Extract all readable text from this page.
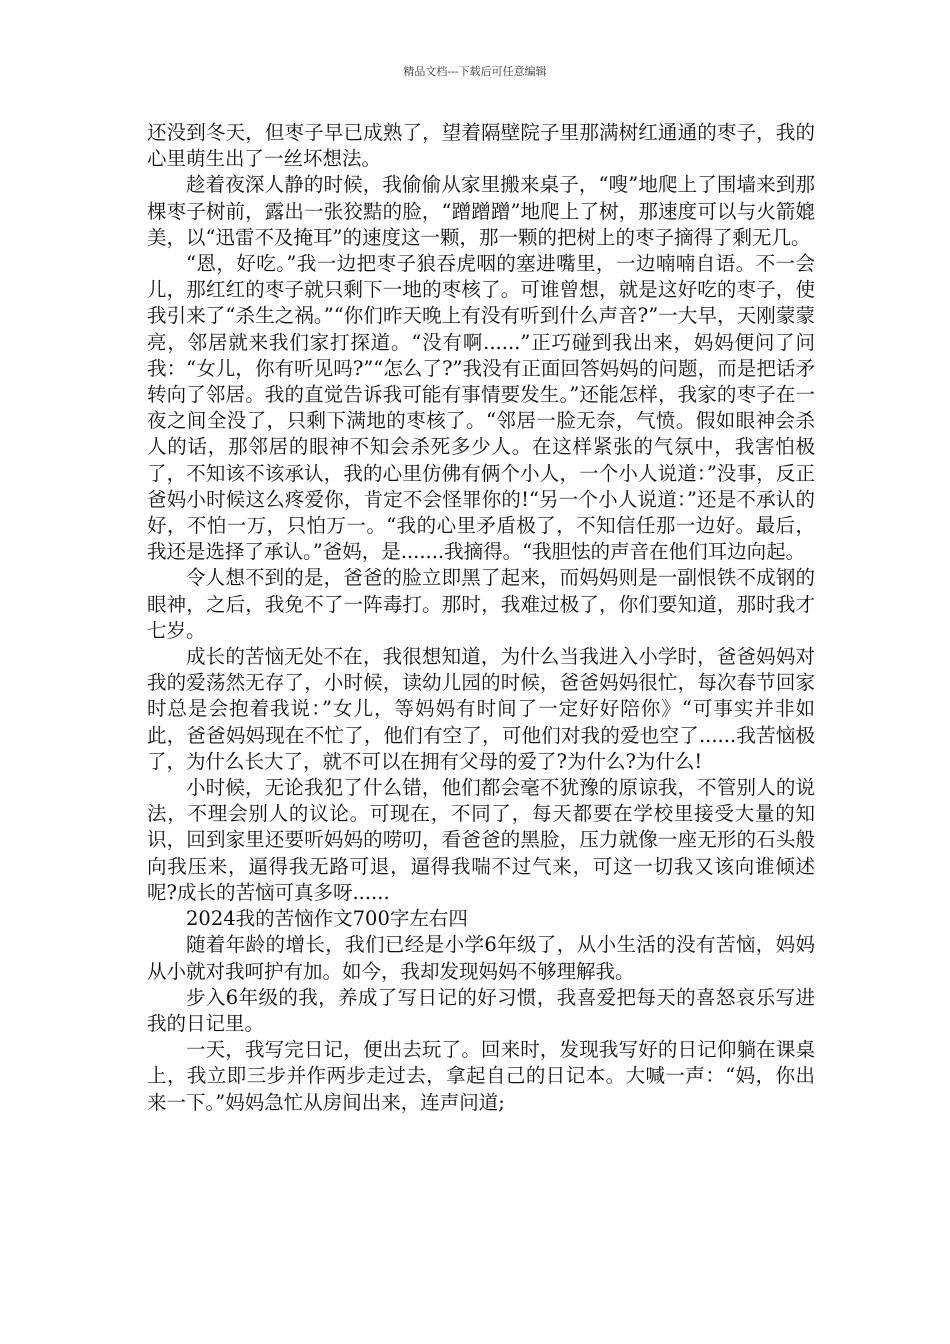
精品文档---下载后可任意编辑

还没到冬天，但枣子早已成熟了，望着隔壁院子里那满树红通通的枣子，我的心里萌生出了一丝坏想法。

趁着夜深人静的时候，我偷偷从家里搬来桌子，“嗖”地爬上了围墙来到那棵枣子树前，露出一张狡黠的脸，“蹭蹭蹭”地爬上了树，那速度可以与火箭媲美，以“迅雷不及掩耳”的速度这一颗，那一颗的把树上的枣子摘得了剩无几。

“恩，好吃。”我一边把枣子狼吞虎咽的塞进嘴里，一边喃喃自语。不一会儿，那红红的枣子就只剩下一地的枣核了。可谁曾想，就是这好吃的枣子，使我引来了“杀生之祸。”“你们昨天晚上有没有听到什么声音?”一大早，天刚蒙蒙亮，邻居就来我们家打探道。“没有啊......”正巧碰到我出来，妈妈便问了问我：“女儿，你有听见吗?”“怎么了?”我没有正面回答妈妈的问题，而是把话矛转向了邻居。我的直觉告诉我可能有事情要发生。”还能怎样，我家的枣子在一夜之间全没了，只剩下满地的枣核了。“邻居一脸无奈，气愤。假如眼神会杀人的话，那邻居的眼神不知会杀死多少人。在这样紧张的气氛中，我害怕极了，不知该不该承认，我的心里仿佛有俩个小人，一个小人说道：”没事，反正爸妈小时候这么疼爱你，肯定不会怪罪你的!“另一个小人说道：”还是不承认的好，不怕一万，只怕万一。“我的心里矛盾极了，不知信任那一边好。最后，我还是选择了承认。”爸妈，是.......我摘得。“我胆怯的声音在他们耳边向起。

令人想不到的是，爸爸的脸立即黑了起来，而妈妈则是一副恨铁不成钢的眼神，之后，我免不了一阵毒打。那时，我难过极了，你们要知道，那时我才七岁。

成长的苦恼无处不在，我很想知道，为什么当我进入小学时，爸爸妈妈对我的爱荡然无存了，小时候，读幼儿园的时候，爸爸妈妈很忙，每次春节回家时总是会抱着我说：”女儿，等妈妈有时间了一定好好陪你》“可事实并非如此，爸爸妈妈现在不忙了，他们有空了，可他们对我的爱也空了......我苦恼极了，为什么长大了，就不可以在拥有父母的爱了?为什么?为什么!

小时候，无论我犯了什么错，他们都会毫不犹豫的原谅我，不管别人的说法，不理会别人的议论。可现在，不同了，每天都要在学校里接受大量的知识，回到家里还要听妈妈的唠叨，看爸爸的黑脸，压力就像一座无形的石头般向我压来，逼得我无路可退，逼得我喘不过气来，可这一切我又该向谁倾述呢?成长的苦恼可真多呀......

2024我的苦恼作文700字左右四

随着年龄的增长，我们已经是小学6年级了，从小生活的没有苦恼，妈妈从小就对我呵护有加。如今，我却发现妈妈不够理解我。

步入6年级的我，养成了写日记的好习惯，我喜爱把每天的喜怒哀乐写进我的日记里。

一天，我写完日记，便出去玩了。回来时，发现我写好的日记仰躺在课桌上，我立即三步并作两步走过去，拿起自己的日记本。大喊一声：“妈，你出来一下。”妈妈急忙从房间出来，连声问道;
